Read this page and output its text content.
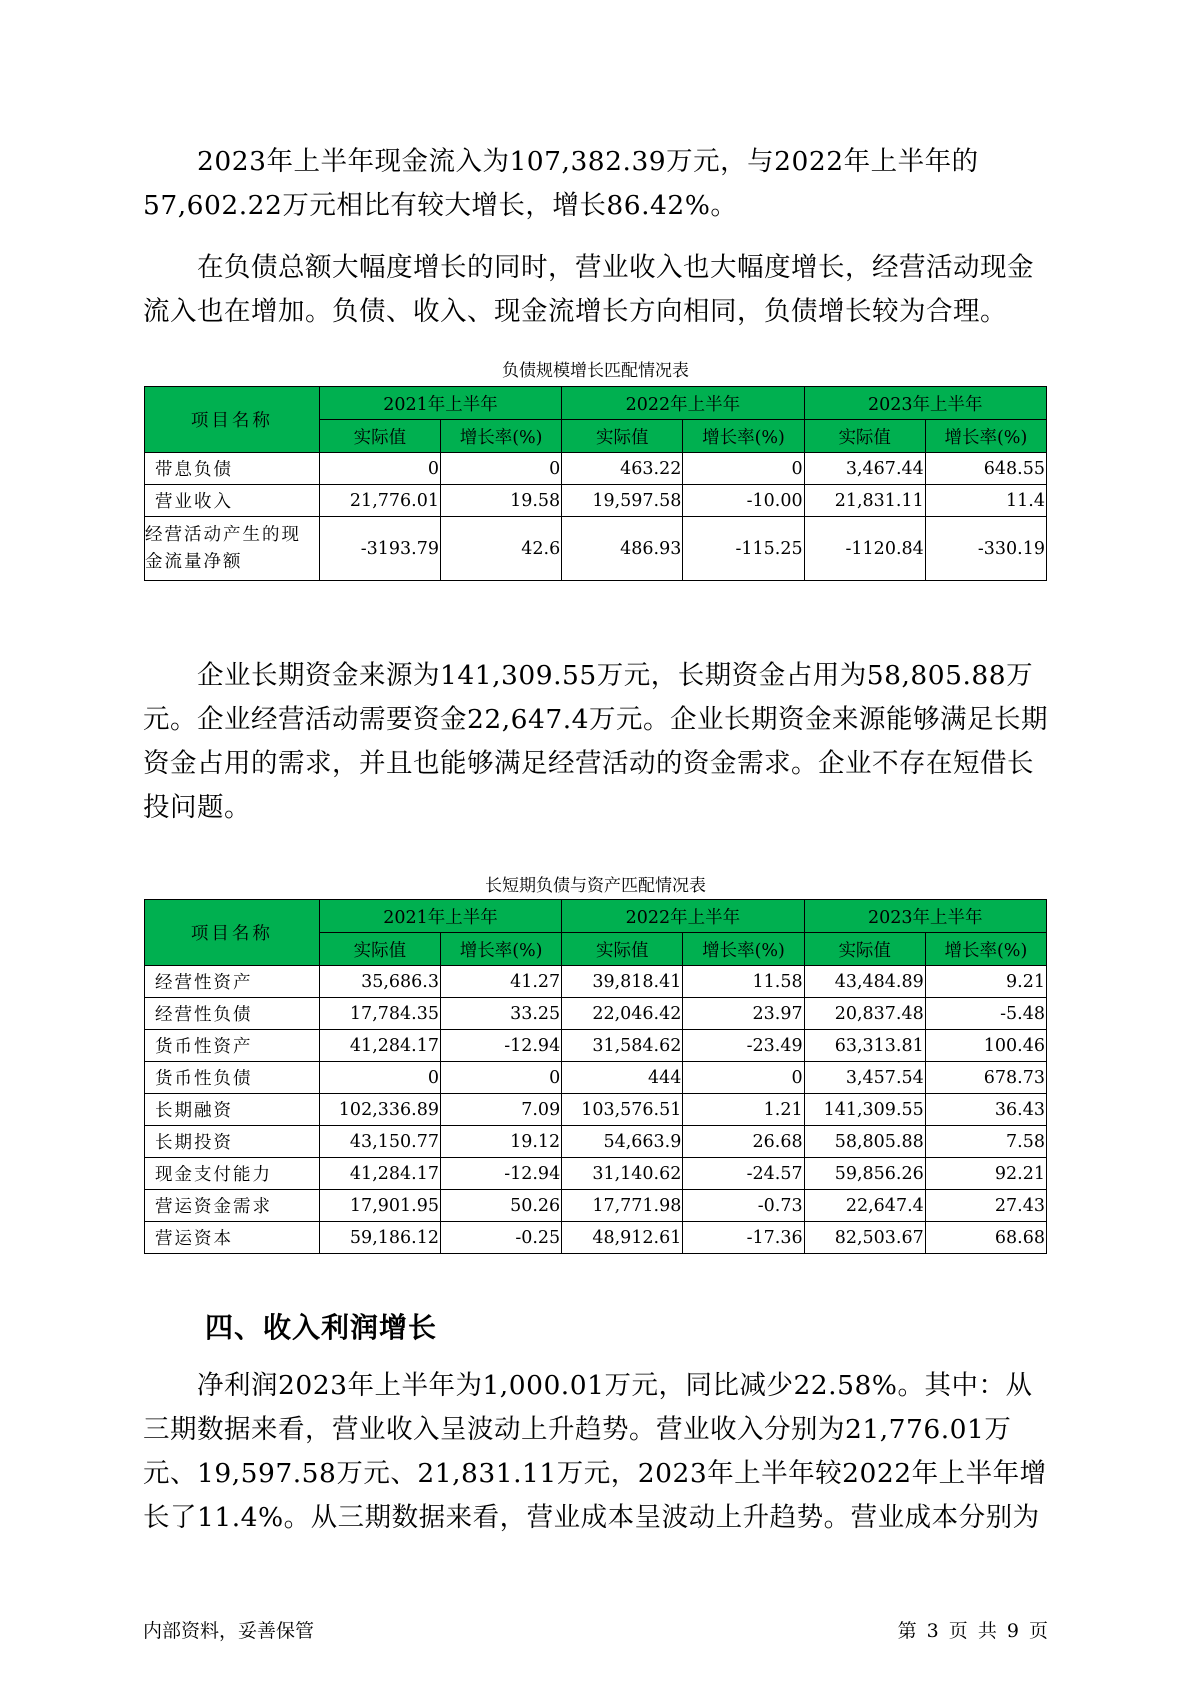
2023年上半年现金流入为107,382.39万元，与2022年上半年的57,602.22万元相比有较大增长，增长86.42%。

在负债总额大幅度增长的同时，营业收入也大幅度增长，经营活动现金流入也在增加。负债、收入、现金流增长方向相同，负债增长较为合理。

负债规模增长匹配情况表
项目名称	2021年上半年		2022年上半年		2023年上半年	
	实际值	增长率(%)	实际值	增长率(%)	实际值	增长率(%)
带息负债	0	0	463.22	0	3,467.44	648.55
营业收入	21,776.01	19.58	19,597.58	-10.00	21,831.11	11.4
经营活动产生的现金流量净额	-3193.79	42.6	486.93	-115.25	-1120.84	-330.19

企业长期资金来源为141,309.55万元，长期资金占用为58,805.88万元。企业经营活动需要资金22,647.4万元。企业长期资金来源能够满足长期资金占用的需求，并且也能够满足经营活动的资金需求。企业不存在短借长投问题。

长短期负债与资产匹配情况表
项目名称	2021年上半年		2022年上半年		2023年上半年	
	实际值	增长率(%)	实际值	增长率(%)	实际值	增长率(%)
经营性资产	35,686.3	41.27	39,818.41	11.58	43,484.89	9.21
经营性负债	17,784.35	33.25	22,046.42	23.97	20,837.48	-5.48
货币性资产	41,284.17	-12.94	31,584.62	-23.49	63,313.81	100.46
货币性负债	0	0	444	0	3,457.54	678.73
长期融资	102,336.89	7.09	103,576.51	1.21	141,309.55	36.43
长期投资	43,150.77	19.12	54,663.9	26.68	58,805.88	7.58
现金支付能力	41,284.17	-12.94	31,140.62	-24.57	59,856.26	92.21
营运资金需求	17,901.95	50.26	17,771.98	-0.73	22,647.4	27.43
营运资本	59,186.12	-0.25	48,912.61	-17.36	82,503.67	68.68
四、收入利润增长

净利润2023年上半年为1,000.01万元，同比减少22.58%。其中：从三期数据来看，营业收入呈波动上升趋势。营业收入分别为21,776.01万元、19,597.58万元、21,831.11万元，2023年上半年较2022年上半年增长了11.4%。从三期数据来看，营业成本呈波动上升趋势。营业成本分别为

内部资料，妥善保管	第 3 页 共 9 页
